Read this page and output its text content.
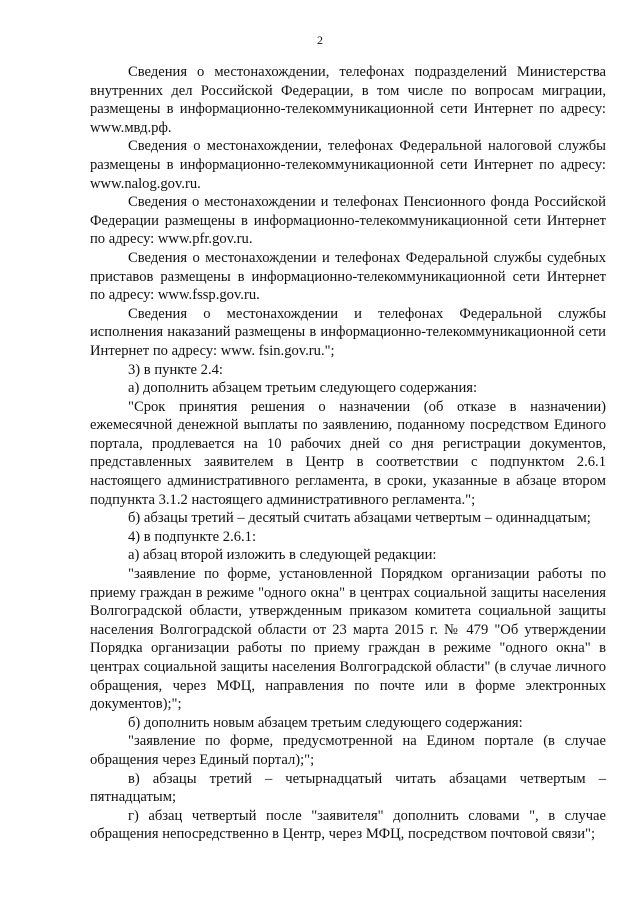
2

Сведения о местонахождении, телефонах подразделений Министерства внутренних дел Российской Федерации, в том числе по вопросам миграции, размещены в информационно-телекоммуникационной сети Интернет по адресу: www.мвд.рф.

Сведения о местонахождении, телефонах Федеральной налоговой службы размещены в информационно-телекоммуникационной сети Интернет по адресу: www.nalog.gov.ru.

Сведения о местонахождении и телефонах Пенсионного фонда Российской Федерации размещены в информационно-телекоммуникационной сети Интернет по адресу: www.pfr.gov.ru.

Сведения о местонахождении и телефонах Федеральной службы судебных приставов размещены в информационно-телекоммуникационной сети Интернет по адресу: www.fssp.gov.ru.

Сведения о местонахождении и телефонах Федеральной службы исполнения наказаний размещены в информационно-телекоммуникационной сети Интернет по адресу: www. fsin.gov.ru.";

3) в пункте 2.4:

а) дополнить абзацем третьим следующего содержания:

"Срок принятия решения о назначении (об отказе в назначении) ежемесячной денежной выплаты по заявлению, поданному посредством Единого портала, продлевается на 10 рабочих дней со дня регистрации документов, представленных заявителем в Центр в соответствии с подпунктом 2.6.1 настоящего административного регламента, в сроки, указанные в абзаце втором подпункта 3.1.2 настоящего административного регламента.";

б) абзацы третий – десятый считать абзацами четвертым – одиннадцатым;

4) в подпункте 2.6.1:

а) абзац второй изложить в следующей редакции:

"заявление по форме, установленной Порядком организации работы по приему граждан в режиме "одного окна" в центрах социальной защиты населения Волгоградской области, утвержденным приказом комитета социальной защиты населения Волгоградской области от 23 марта 2015 г. № 479 "Об утверждении Порядка организации работы по приему граждан в режиме "одного окна" в центрах социальной защиты населения Волгоградской области" (в случае личного обращения, через МФЦ, направления по почте или в форме электронных документов);";

б) дополнить новым абзацем третьим следующего содержания:

"заявление по форме, предусмотренной на Едином портале (в случае обращения через Единый портал);";

в) абзацы третий – четырнадцатый читать абзацами четвертым – пятнадцатым;

г) абзац четвертый после "заявителя" дополнить словами ", в случае обращения непосредственно в Центр, через МФЦ, посредством почтовой связи";
